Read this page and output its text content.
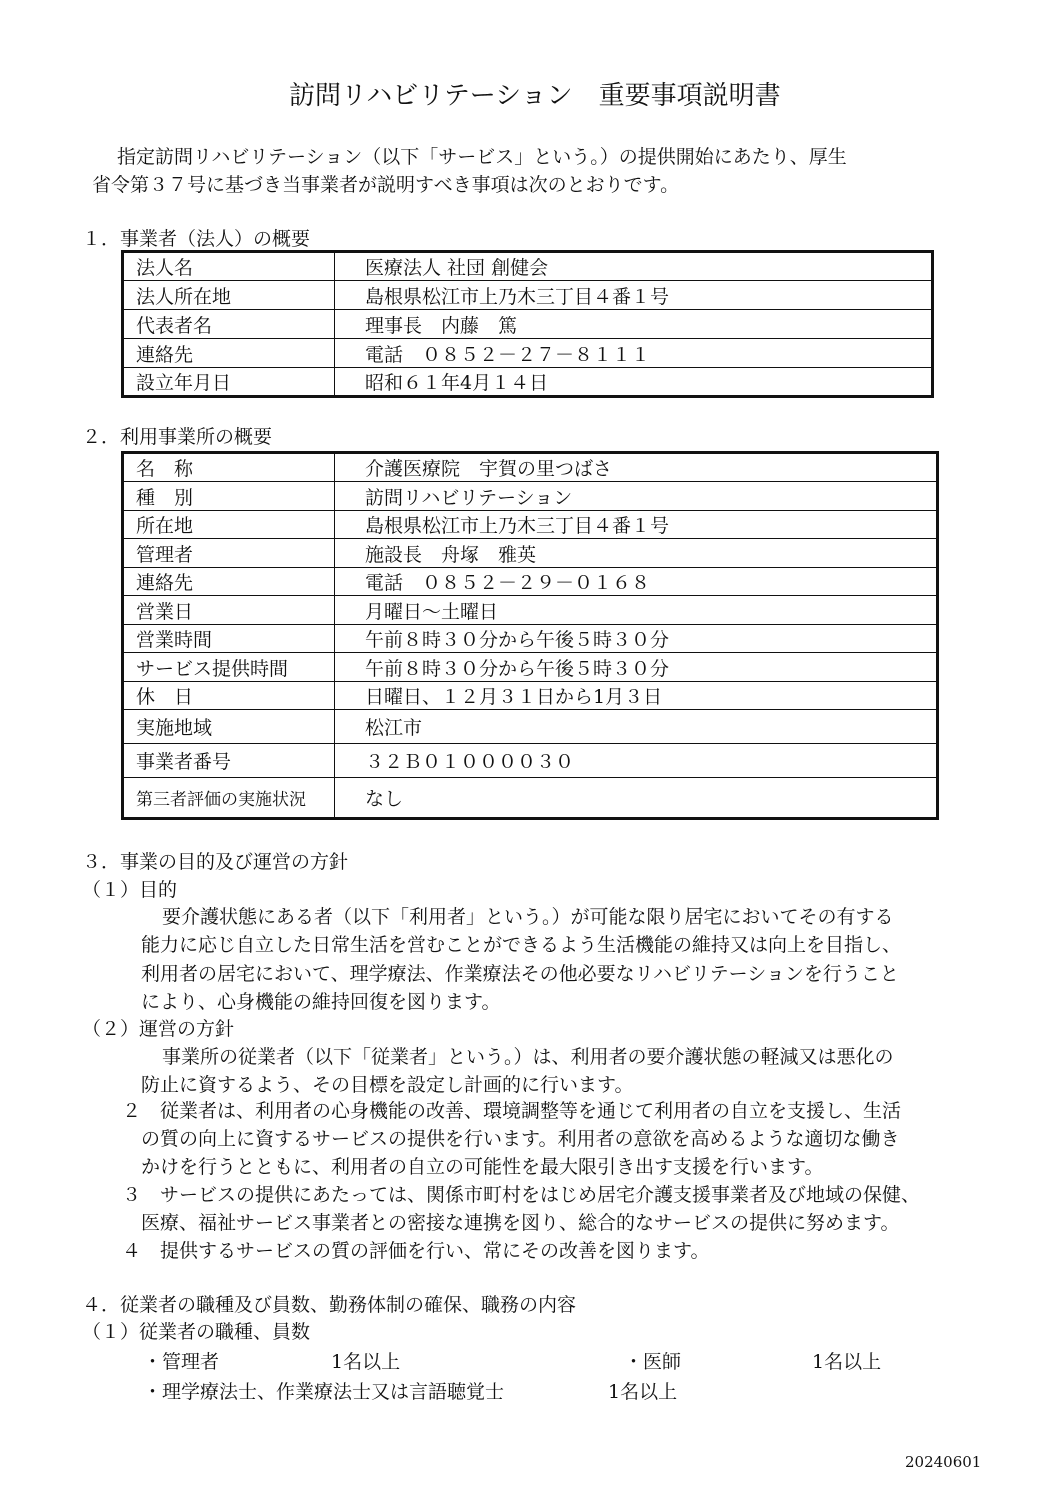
訪問リハビリテーション　重要事項説明書
指定訪問リハビリテーション（以下「サービス」という。）の提供開始にあたり、厚生
省令第３７号に基づき当事業者が説明すべき事項は次のとおりです。
１．事業者（法人）の概要
法人名	医療法人 社団 創健会
法人所在地	島根県松江市上乃木三丁目４番１号
代表者名	理事長　内藤　篤
連絡先	電話　０８５２－２７－８１１１
設立年月日	昭和６１年4月１４日
２．利用事業所の概要
名　称	介護医療院　宇賀の里つばさ
種　別	訪問リハビリテーション
所在地	島根県松江市上乃木三丁目４番１号
管理者	施設長　舟塚　雅英
連絡先	電話　０８５２－２９－０１６８
営業日	月曜日～土曜日
営業時間	午前８時３０分から午後５時３０分
サービス提供時間	午前８時３０分から午後５時３０分
休　日	日曜日、１２月３１日から1月３日
実施地域	松江市
事業者番号	３２Ｂ０１００００３０
第三者評価の実施状況	なし
３．事業の目的及び運営の方針
（１）目的
要介護状態にある者（以下「利用者」という。）が可能な限り居宅においてその有する
能力に応じ自立した日常生活を営むことができるよう生活機能の維持又は向上を目指し、
利用者の居宅において、理学療法、作業療法その他必要なリハビリテーションを行うこと
により、心身機能の維持回復を図ります。
（２）運営の方針
事業所の従業者（以下「従業者」という。）は、利用者の要介護状態の軽減又は悪化の
防止に資するよう、その目標を設定し計画的に行います。
２　従業者は、利用者の心身機能の改善、環境調整等を通じて利用者の自立を支援し、生活
の質の向上に資するサービスの提供を行います。利用者の意欲を高めるような適切な働き
かけを行うとともに、利用者の自立の可能性を最大限引き出す支援を行います。
３　サービスの提供にあたっては、関係市町村をはじめ居宅介護支援事業者及び地域の保健、
医療、福祉サービス事業者との密接な連携を図り、総合的なサービスの提供に努めます。
４　提供するサービスの質の評価を行い、常にその改善を図ります。
４．従業者の職種及び員数、勤務体制の確保、職務の内容
（１）従業者の職種、員数
・管理者	1名以上	・医師	1名以上
・理学療法士、作業療法士又は言語聴覚士	1名以上
20240601
